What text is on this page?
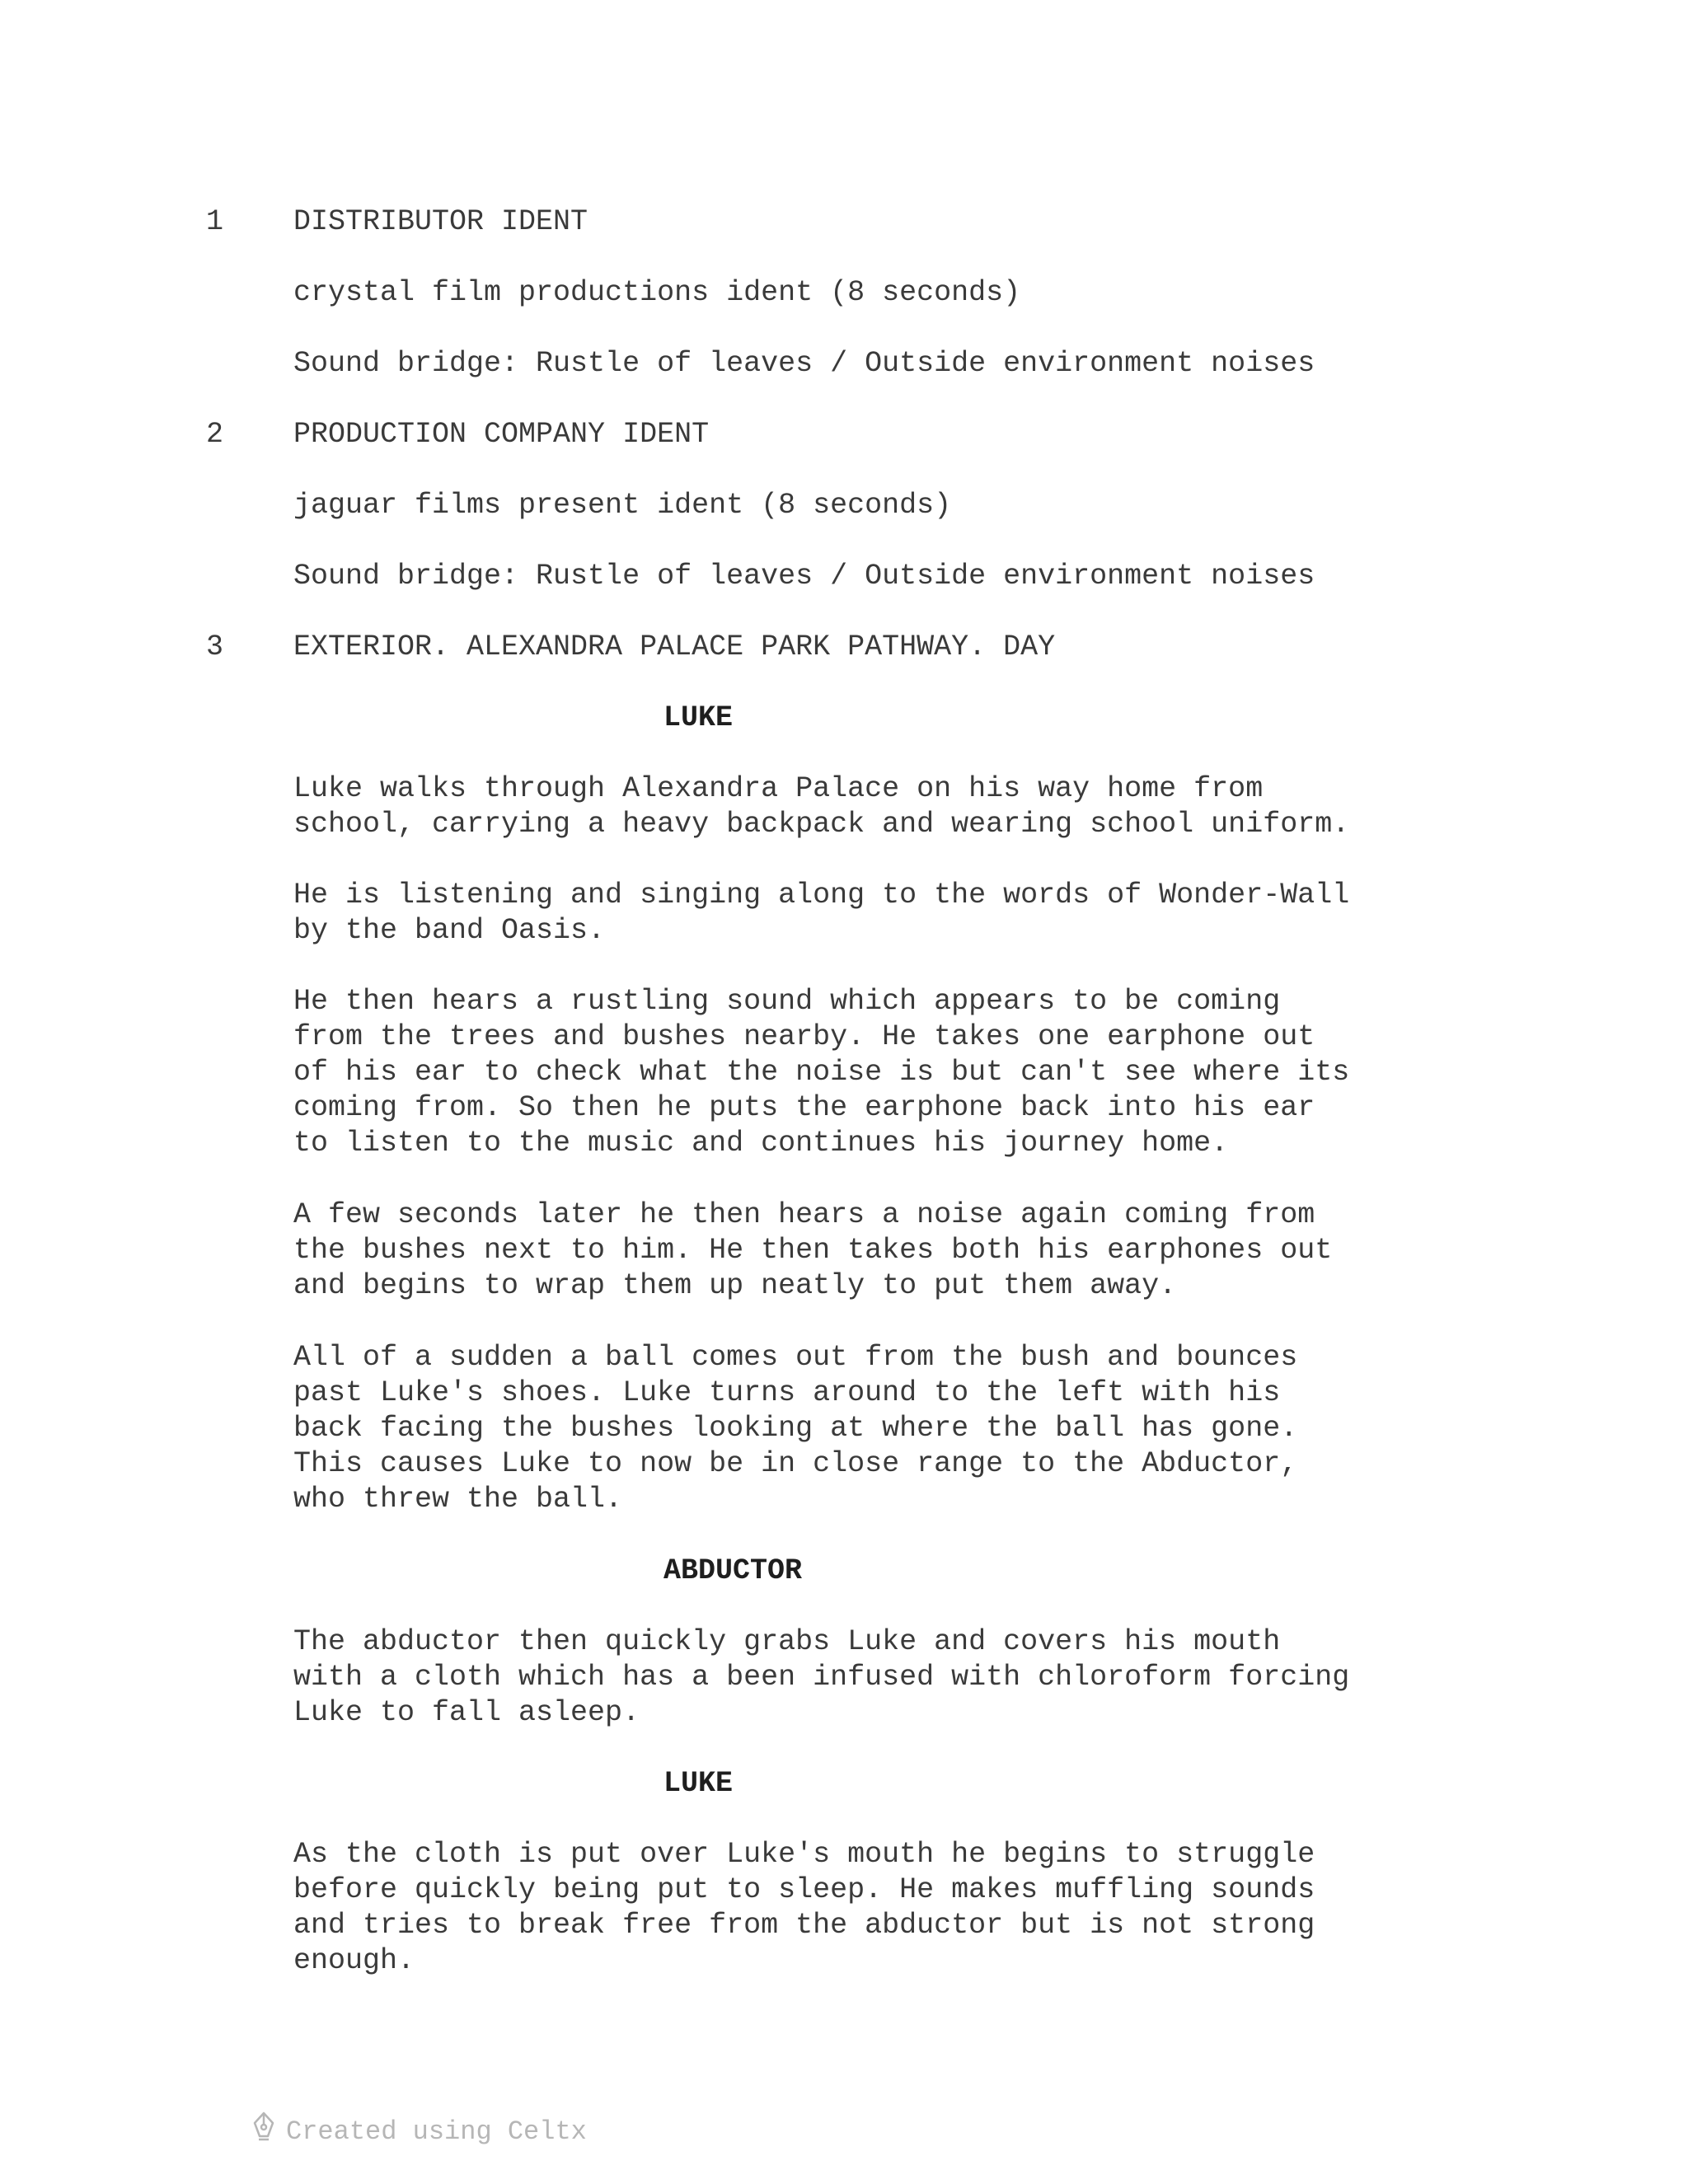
1 DISTRIBUTOR IDENT
crystal film productions ident (8 seconds)
Sound bridge: Rustle of leaves / Outside environment noises
2 PRODUCTION COMPANY IDENT
jaguar films present ident (8 seconds)
Sound bridge: Rustle of leaves / Outside environment noises
3 EXTERIOR. ALEXANDRA PALACE PARK PATHWAY. DAY
LUKE
Luke walks through Alexandra Palace on his way home from
school, carrying a heavy backpack and wearing school uniform.
He is listening and singing along to the words of Wonder-Wall
by the band Oasis.
He then hears a rustling sound which appears to be coming
from the trees and bushes nearby. He takes one earphone out
of his ear to check what the noise is but can't see where its
coming from. So then he puts the earphone back into his ear
to listen to the music and continues his journey home.
A few seconds later he then hears a noise again coming from
the bushes next to him. He then takes both his earphones out
and begins to wrap them up neatly to put them away.
All of a sudden a ball comes out from the bush and bounces
past Luke's shoes. Luke turns around to the left with his
back facing the bushes looking at where the ball has gone.
This causes Luke to now be in close range to the Abductor,
who threw the ball.
ABDUCTOR
The abductor then quickly grabs Luke and covers his mouth
with a cloth which has a been infused with chloroform forcing
Luke to fall asleep.
LUKE
As the cloth is put over Luke's mouth he begins to struggle
before quickly being put to sleep. He makes muffling sounds
and tries to break free from the abductor but is not strong
enough.
Created using Celtx
